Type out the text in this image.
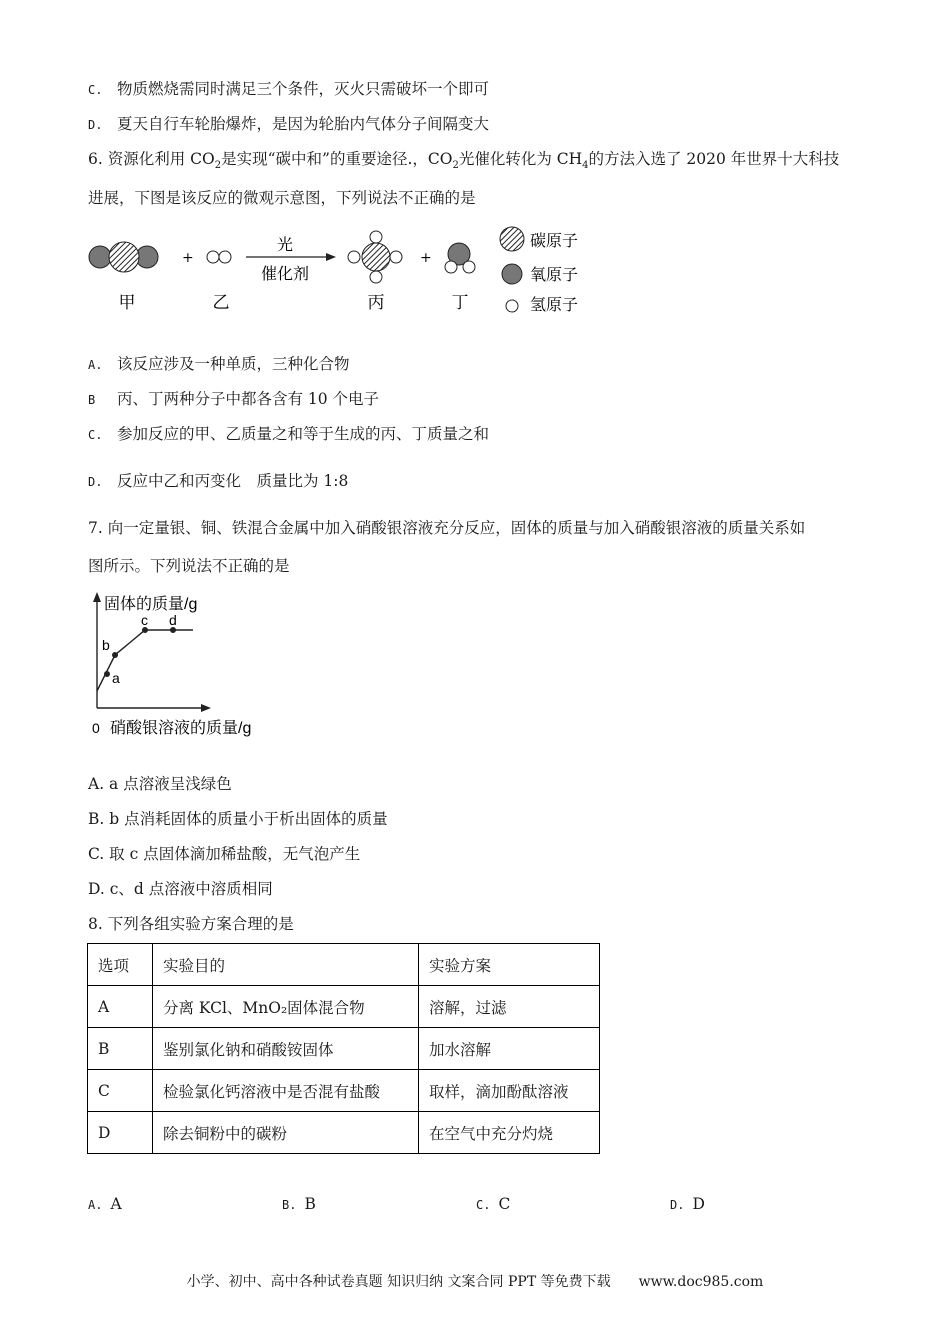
C. 物质燃烧需同时满足三个条件，灭火只需破坏一个即可
D. 夏天自行车轮胎爆炸，是因为轮胎内气体分子间隔变大
6. 资源化利用 $CO_2$是实现“碳中和”的重要途径.，$CO_2$光催化转化为 $CH_4$的方法入选了 2020 年世界十大科技
进展，下图是该反应的微观示意图，下列说法不正确的是
+
光
催化剂
+
碳原子
氧原子
氢原子
甲	乙	丙	丁
A. 该反应涉及一种单质，三种化合物
B 丙、丁两种分子中都各含有 10 个电子
C. 参加反应的甲、乙质量之和等于生成的丙、丁质量之和
D. 反应中乙和丙变化　质量比为 1:8
7. 向一定量银、铜、铁混合金属中加入硝酸银溶液充分反应，固体的质量与加入硝酸银溶液的质量关系如
图所示。下列说法不正确的是
固体的质量/g
0 硝酸银溶液的质量/g
a
b
c d
A. a 点溶液呈浅绿色
B. b 点消耗固体的质量小于析出固体的质量
C. 取 c 点固体滴加稀盐酸，无气泡产生
D. c、d 点溶液中溶质相同
8. 下列各组实验方案合理的是
选项	实验目的	实验方案
A	分离 KCl、MnO₂固体混合物	溶解，过滤
B	鉴别氯化钠和硝酸铵固体	加水溶解
C	检验氯化钙溶液中是否混有盐酸	取样，滴加酚酞溶液
D	除去铜粉中的碳粉	在空气中充分灼烧
A. A	B. B	C. C	D. D
小学、初中、高中各种试卷真题 知识归纳 文案合同 PPT 等免费下载　　www.doc985.com
